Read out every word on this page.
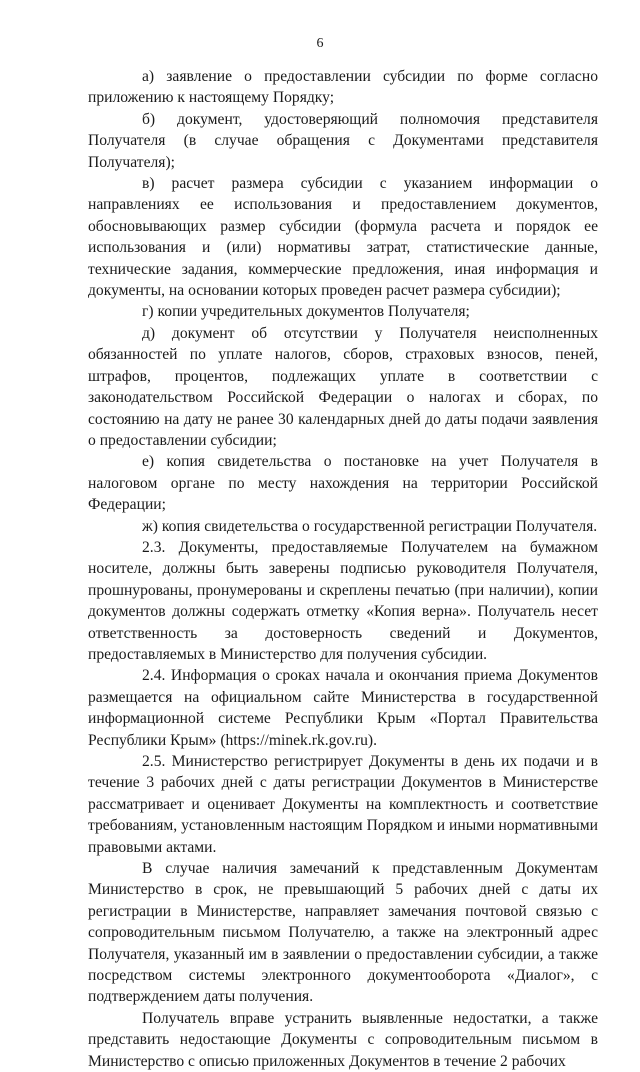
6

а) заявление о предоставлении субсидии по форме согласно приложению к настоящему Порядку;

б) документ, удостоверяющий полномочия представителя Получателя (в случае обращения с Документами представителя Получателя);

в) расчет размера субсидии с указанием информации о направлениях ее использования и предоставлением документов, обосновывающих размер субсидии (формула расчета и порядок ее использования и (или) нормативы затрат, статистические данные, технические задания, коммерческие предложения, иная информация и документы, на основании которых проведен расчет размера субсидии);

г) копии учредительных документов Получателя;

д) документ об отсутствии у Получателя неисполненных обязанностей по уплате налогов, сборов, страховых взносов, пеней, штрафов, процентов, подлежащих уплате в соответствии с законодательством Российской Федерации о налогах и сборах, по состоянию на дату не ранее 30 календарных дней до даты подачи заявления о предоставлении субсидии;

е) копия свидетельства о постановке на учет Получателя в налоговом органе по месту нахождения на территории Российской Федерации;

ж) копия свидетельства о государственной регистрации Получателя.

2.3. Документы, предоставляемые Получателем на бумажном носителе, должны быть заверены подписью руководителя Получателя, прошнурованы, пронумерованы и скреплены печатью (при наличии), копии документов должны содержать отметку «Копия верна». Получатель несет ответственность за достоверность сведений и Документов, предоставляемых в Министерство для получения субсидии.

2.4. Информация о сроках начала и окончания приема Документов размещается на официальном сайте Министерства в государственной информационной системе Республики Крым «Портал Правительства Республики Крым» (https://minek.rk.gov.ru).

2.5. Министерство регистрирует Документы в день их подачи и в течение 3 рабочих дней с даты регистрации Документов в Министерстве рассматривает и оценивает Документы на комплектность и соответствие требованиям, установленным настоящим Порядком и иными нормативными правовыми актами.

В случае наличия замечаний к представленным Документам Министерство в срок, не превышающий 5 рабочих дней с даты их регистрации в Министерстве, направляет замечания почтовой связью с сопроводительным письмом Получателю, а также на электронный адрес Получателя, указанный им в заявлении о предоставлении субсидии, а также посредством системы электронного документооборота «Диалог», с подтверждением даты получения.

Получатель вправе устранить выявленные недостатки, а также представить недостающие Документы с сопроводительным письмом в Министерство с описью приложенных Документов в течение 2 рабочих
